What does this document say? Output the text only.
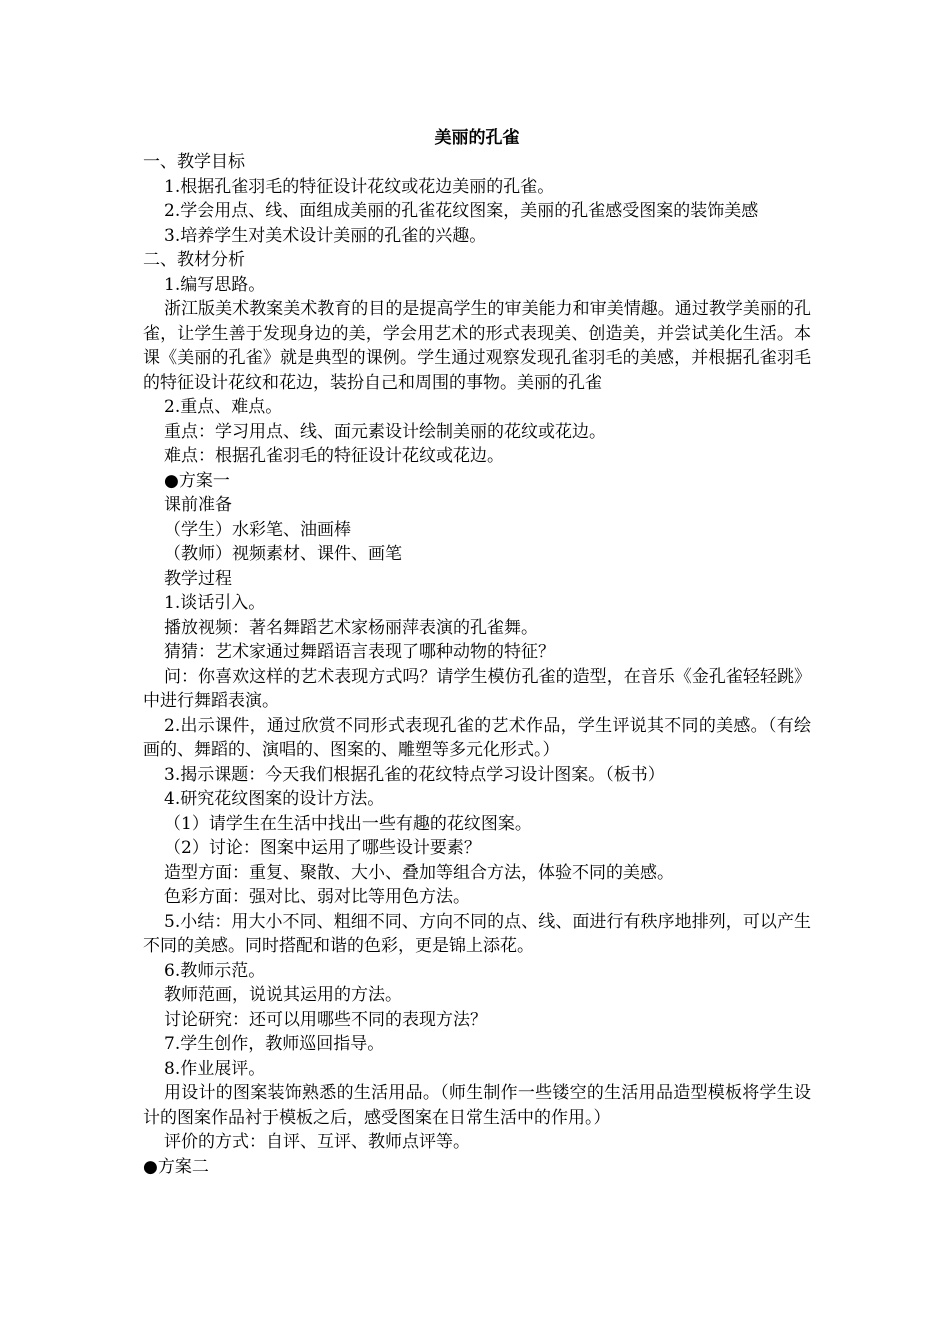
美丽的孔雀

一、教学目标

1.根据孔雀羽毛的特征设计花纹或花边美丽的孔雀。

2.学会用点、线、面组成美丽的孔雀花纹图案，美丽的孔雀感受图案的装饰美感

3.培养学生对美术设计美丽的孔雀的兴趣。

二、教材分析

1.编写思路。

浙江版美术教案美术教育的目的是提高学生的审美能力和审美情趣。通过教学美丽的孔雀，让学生善于发现身边的美，学会用艺术的形式表现美、创造美，并尝试美化生活。本课《美丽的孔雀》就是典型的课例。学生通过观察发现孔雀羽毛的美感，并根据孔雀羽毛的特征设计花纹和花边，装扮自己和周围的事物。美丽的孔雀

2.重点、难点。

重点：学习用点、线、面元素设计绘制美丽的花纹或花边。

难点：根据孔雀羽毛的特征设计花纹或花边。

●方案一

课前准备

（学生）水彩笔、油画棒

（教师）视频素材、课件、画笔

教学过程

1.谈话引入。

播放视频：著名舞蹈艺术家杨丽萍表演的孔雀舞。

猜猜：艺术家通过舞蹈语言表现了哪种动物的特征？

问：你喜欢这样的艺术表现方式吗？请学生模仿孔雀的造型，在音乐《金孔雀轻轻跳》中进行舞蹈表演。

2.出示课件，通过欣赏不同形式表现孔雀的艺术作品，学生评说其不同的美感。（有绘画的、舞蹈的、演唱的、图案的、雕塑等多元化形式。）

3.揭示课题：今天我们根据孔雀的花纹特点学习设计图案。（板书）

4.研究花纹图案的设计方法。

（1）请学生在生活中找出一些有趣的花纹图案。

（2）讨论：图案中运用了哪些设计要素？

造型方面：重复、聚散、大小、叠加等组合方法，体验不同的美感。

色彩方面：强对比、弱对比等用色方法。

5.小结：用大小不同、粗细不同、方向不同的点、线、面进行有秩序地排列，可以产生不同的美感。同时搭配和谐的色彩，更是锦上添花。

6.教师示范。

教师范画，说说其运用的方法。

讨论研究：还可以用哪些不同的表现方法？

7.学生创作，教师巡回指导。

8.作业展评。

用设计的图案装饰熟悉的生活用品。（师生制作一些镂空的生活用品造型模板将学生设计的图案作品衬于模板之后，感受图案在日常生活中的作用。）

评价的方式：自评、互评、教师点评等。

●方案二
